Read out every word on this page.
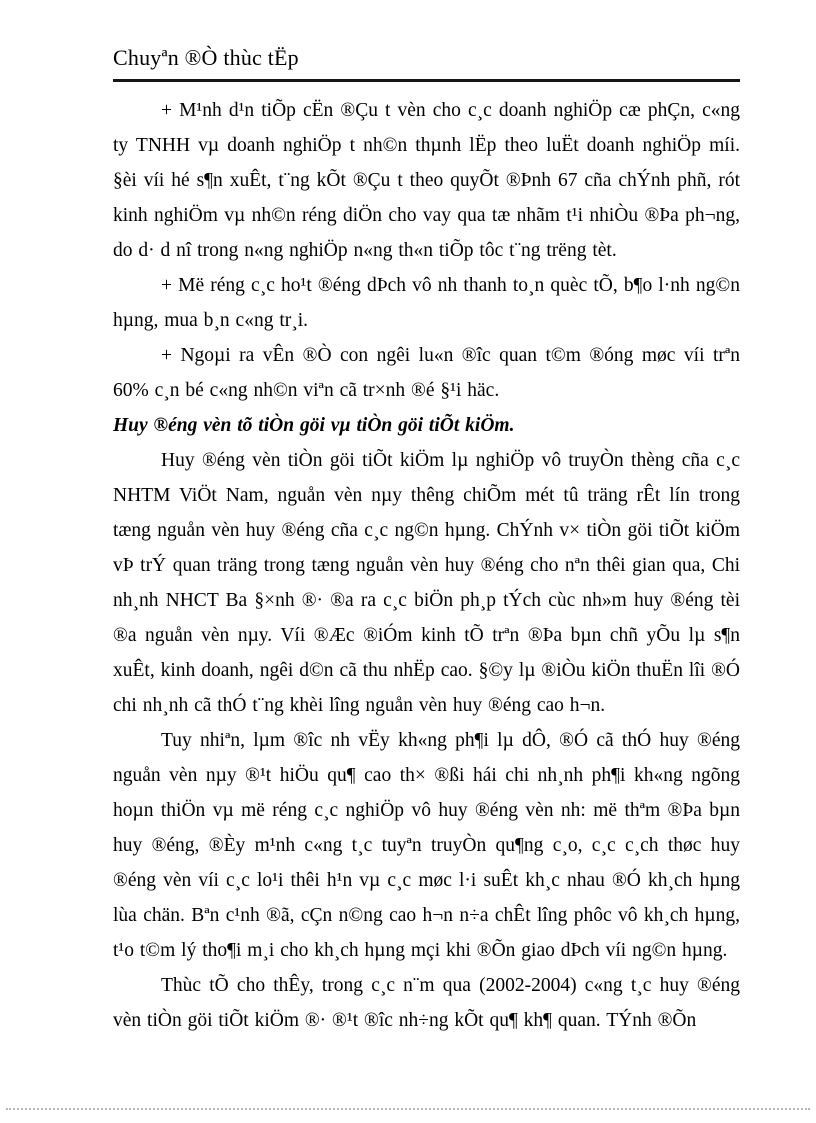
Chuyªn ®Ò thùc tËp

+ M¹nh d¹n tiÕp cËn ®Çu t vèn cho c¸c doanh nghiÖp cæ phÇn, c«ng ty TNHH vµ doanh nghiÖp t nh©n thµnh lËp theo luËt doanh nghiÖp míi. §èi víi hé s¶n xuÊt, t¨ng kÕt ®Çu t theo quyÕt ®Þnh 67 cña chÝnh phñ, rót kinh nghiÖm vµ nh©n réng diÖn cho vay qua tæ nhãm t¹i nhiÒu ®Þa ph¬ng, do d· d nî trong n«ng nghiÖp n«ng th«n tiÕp tôc t¨ng trëng tèt.

+ Më réng c¸c ho¹t ®éng dÞch vô nh thanh to¸n quèc tÕ, b¶o l·nh ng©n hµng, mua b¸n c«ng tr¸i.

+ Ngoµi ra vÊn ®Ò con ngêi lu«n ®îc quan t©m ®óng møc víi trªn 60% c¸n bé c«ng nh©n viªn cã tr×nh ®é §¹i häc.

Huy ®éng vèn tõ tiÒn göi vµ tiÒn göi tiÕt kiÖm.

Huy ®éng vèn tiÒn göi tiÕt kiÖm lµ nghiÖp vô truyÒn thèng cña c¸c NHTM ViÖt Nam, nguån vèn nµy thêng chiÕm mét tû träng rÊt lín trong tæng nguån vèn huy ®éng cña c¸c ng©n hµng. ChÝnh v× tiÒn göi tiÕt kiÖm vÞ trÝ quan träng trong tæng nguån vèn huy ®éng cho nªn thêi gian qua, Chi nh¸nh NHCT Ba §×nh ®· ®a ra c¸c biÖn ph¸p tÝch cùc nh»m huy ®éng tèi ®a nguån vèn nµy. Víi ®Æc ®iÓm kinh tÕ trªn ®Þa bµn chñ yÕu lµ s¶n xuÊt, kinh doanh, ngêi d©n cã thu nhËp cao. §©y lµ ®iÒu kiÖn thuËn lîi ®Ó chi nh¸nh cã thÓ t¨ng khèi lîng nguån vèn huy ®éng cao h¬n.

Tuy nhiªn, lµm ®îc nh vËy kh«ng ph¶i lµ dÔ, ®Ó cã thÓ huy ®éng nguån vèn nµy ®¹t hiÖu qu¶ cao th× ®ßi hái chi nh¸nh ph¶i kh«ng ngõng hoµn thiÖn vµ më réng c¸c nghiÖp vô huy ®éng vèn nh: më thªm ®Þa bµn huy ®éng, ®Èy m¹nh c«ng t¸c tuyªn truyÒn qu¶ng c¸o, c¸c c¸ch thøc huy ®éng vèn víi c¸c lo¹i thêi h¹n vµ c¸c møc l·i suÊt kh¸c nhau ®Ó kh¸ch hµng lùa chän. Bªn c¹nh ®ã, cÇn n©ng cao h¬n n÷a chÊt lîng phôc vô kh¸ch hµng, t¹o t©m lý tho¶i m¸i cho kh¸ch hµng mçi khi ®Õn giao dÞch víi ng©n hµng.

Thùc tÕ cho thÊy, trong c¸c n¨m qua (2002-2004) c«ng t¸c huy ®éng vèn tiÒn göi tiÕt kiÖm ®· ®¹t ®îc nh÷ng kÕt qu¶ kh¶ quan. TÝnh ®Õn
